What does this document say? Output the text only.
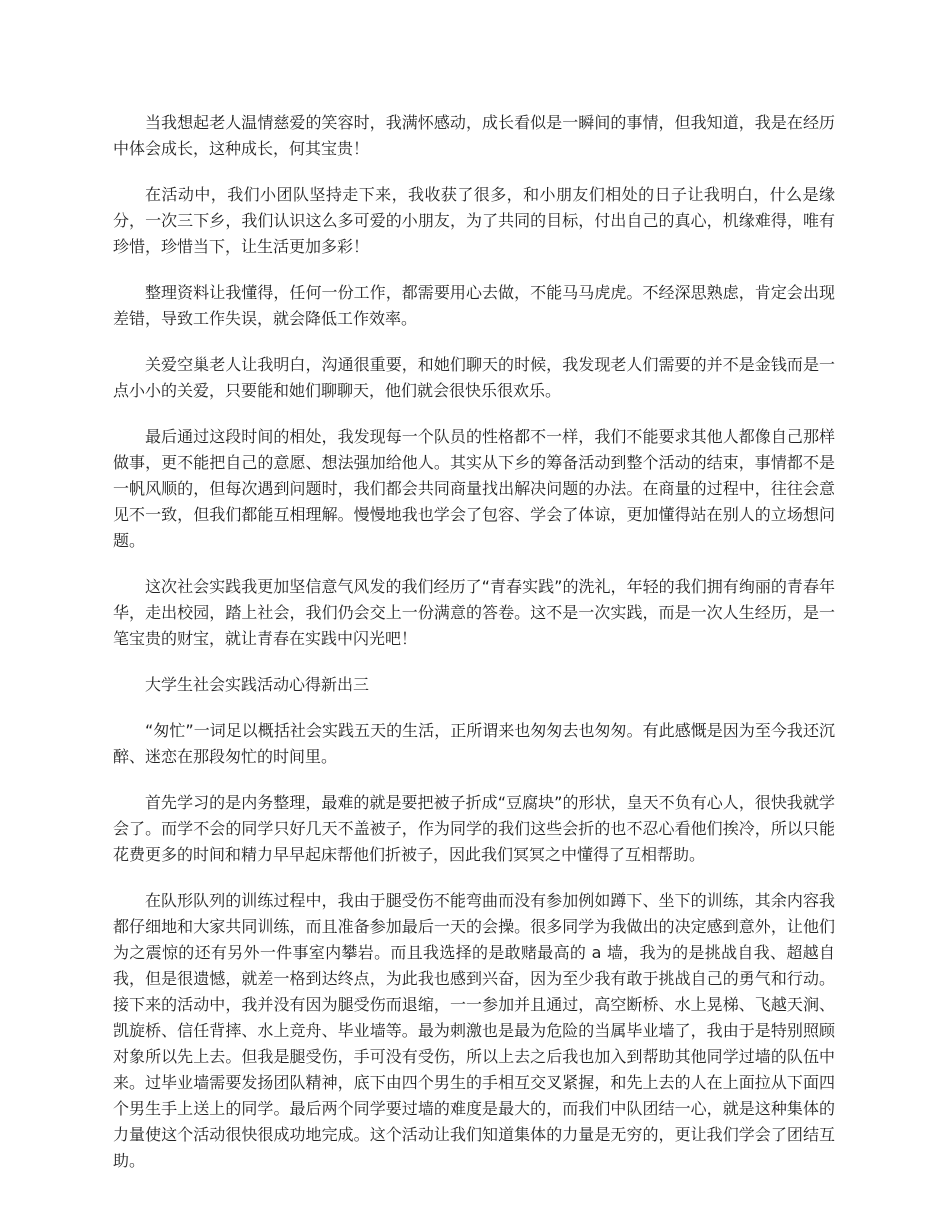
当我想起老人温情慈爱的笑容时，我满怀感动，成长看似是一瞬间的事情，但我知道，我是在经历中体会成长，这种成长，何其宝贵！

在活动中，我们小团队坚持走下来，我收获了很多，和小朋友们相处的日子让我明白，什么是缘分，一次三下乡，我们认识这么多可爱的小朋友，为了共同的目标，付出自己的真心，机缘难得，唯有珍惜，珍惜当下，让生活更加多彩！

整理资料让我懂得，任何一份工作，都需要用心去做，不能马马虎虎。不经深思熟虑，肯定会出现差错，导致工作失误，就会降低工作效率。

关爱空巢老人让我明白，沟通很重要，和她们聊天的时候，我发现老人们需要的并不是金钱而是一点小小的关爱，只要能和她们聊聊天，他们就会很快乐很欢乐。

最后通过这段时间的相处，我发现每一个队员的性格都不一样，我们不能要求其他人都像自己那样做事，更不能把自己的意愿、想法强加给他人。其实从下乡的筹备活动到整个活动的结束，事情都不是一帆风顺的，但每次遇到问题时，我们都会共同商量找出解决问题的办法。在商量的过程中，往往会意见不一致，但我们都能互相理解。慢慢地我也学会了包容、学会了体谅，更加懂得站在别人的立场想问题。

这次社会实践我更加坚信意气风发的我们经历了“青春实践”的洗礼，年轻的我们拥有绚丽的青春年华，走出校园，踏上社会，我们仍会交上一份满意的答卷。这不是一次实践，而是一次人生经历，是一笔宝贵的财宝，就让青春在实践中闪光吧！

大学生社会实践活动心得新出三

“匆忙”一词足以概括社会实践五天的生活，正所谓来也匆匆去也匆匆。有此感慨是因为至今我还沉醉、迷恋在那段匆忙的时间里。

首先学习的是内务整理，最难的就是要把被子折成“豆腐块”的形状，皇天不负有心人，很快我就学会了。而学不会的同学只好几天不盖被子，作为同学的我们这些会折的也不忍心看他们挨冷，所以只能花费更多的时间和精力早早起床帮他们折被子，因此我们冥冥之中懂得了互相帮助。

在队形队列的训练过程中，我由于腿受伤不能弯曲而没有参加例如蹲下、坐下的训练，其余内容我都仔细地和大家共同训练，而且准备参加最后一天的会操。很多同学为我做出的决定感到意外，让他们为之震惊的还有另外一件事室内攀岩。而且我选择的是敢赌最高的 a 墙，我为的是挑战自我、超越自我，但是很遗憾，就差一格到达终点，为此我也感到兴奋，因为至少我有敢于挑战自己的勇气和行动。接下来的活动中，我并没有因为腿受伤而退缩，一一参加并且通过，高空断桥、水上晃梯、飞越天涧、凯旋桥、信任背摔、水上竞舟、毕业墙等。最为刺激也是最为危险的当属毕业墙了，我由于是特别照顾对象所以先上去。但我是腿受伤，手可没有受伤，所以上去之后我也加入到帮助其他同学过墙的队伍中来。过毕业墙需要发扬团队精神，底下由四个男生的手相互交叉紧握，和先上去的人在上面拉从下面四个男生手上送上的同学。最后两个同学要过墙的难度是最大的，而我们中队团结一心，就是这种集体的力量使这个活动很快很成功地完成。这个活动让我们知道集体的力量是无穷的，更让我们学会了团结互助。
